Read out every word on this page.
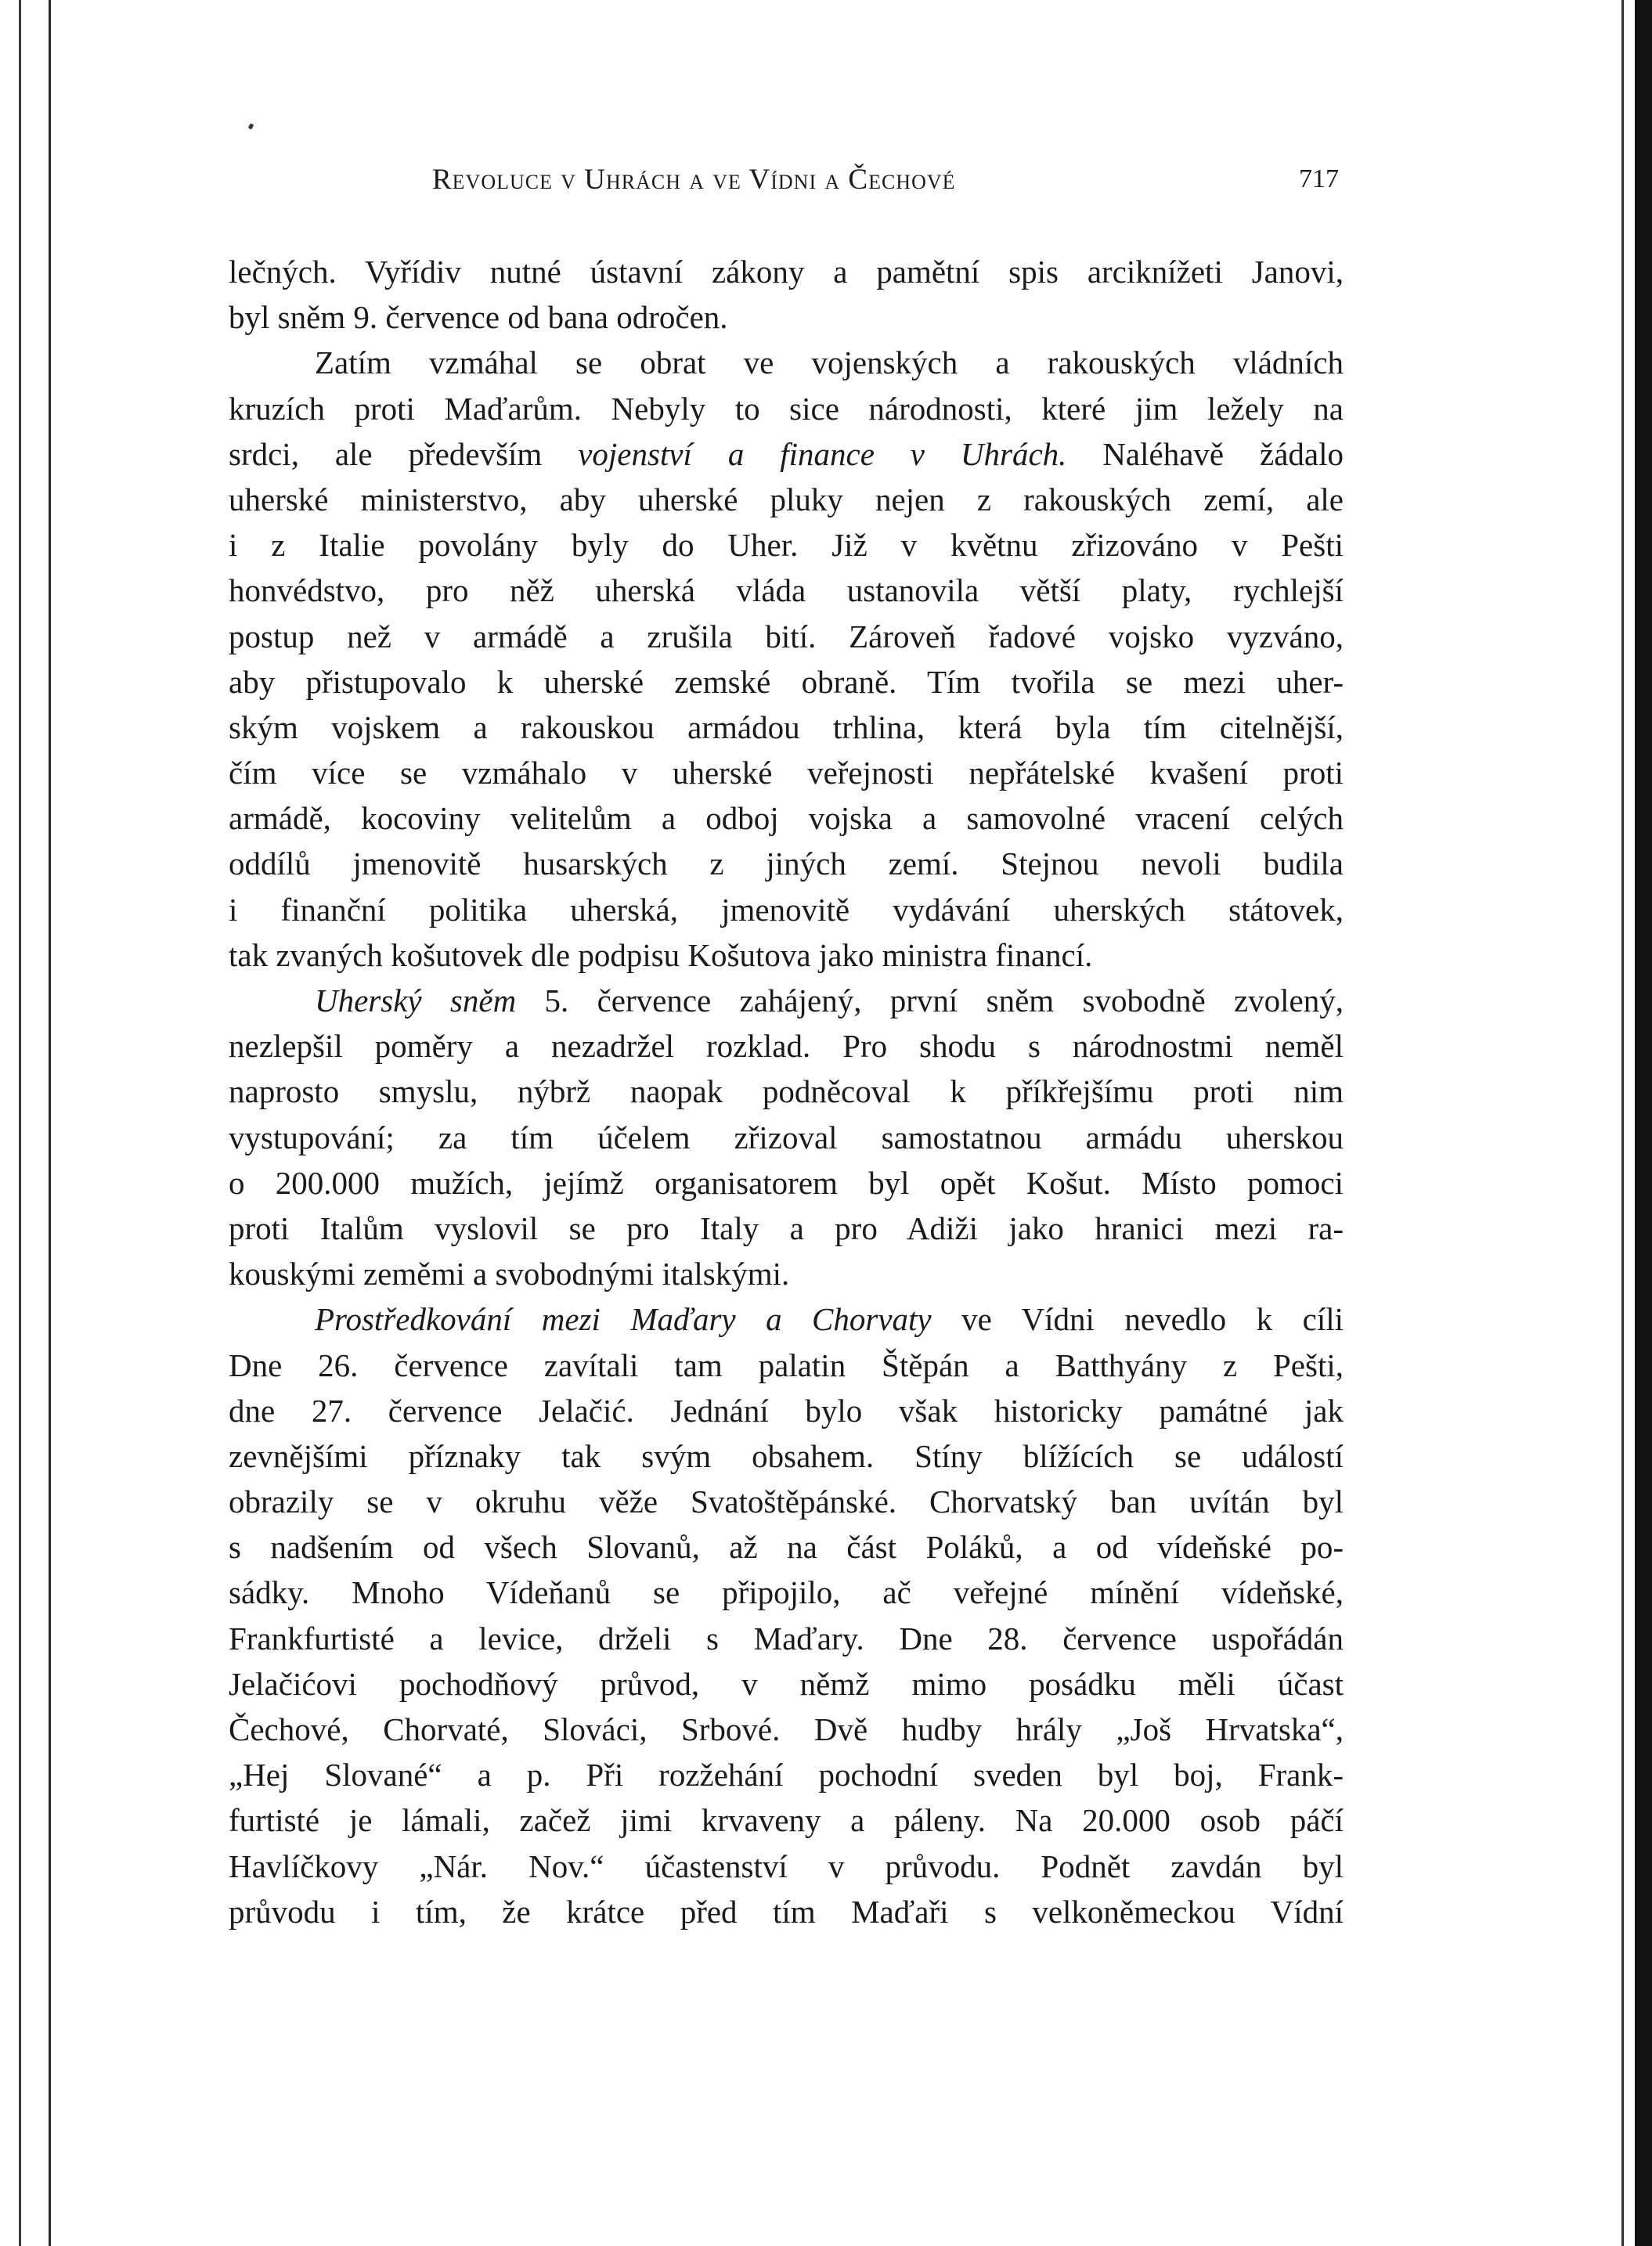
Revoluce v Uhrách a ve Vídni a Čechové	717
lečných. Vyřídiv nutné ústavní zákony a pamětní spis arciknížeti Janovi,
byl sněm 9. července od bana odročen.
Zatím vzmáhal se obrat ve vojenských a rakouských vládních
kruzích proti Maďarům. Nebyly to sice národnosti, které jim ležely na
srdci, ale především vojenství a finance v Uhrách. Naléhavě žádalo
uherské ministerstvo, aby uherské pluky nejen z rakouských zemí, ale
i z Italie povolány byly do Uher. Již v květnu zřizováno v Pešti
honvédstvo, pro něž uherská vláda ustanovila větší platy, rychlejší
postup než v armádě a zrušila bití. Zároveň řadové vojsko vyzváno,
aby přistupovalo k uherské zemské obraně. Tím tvořila se mezi uher-
ským vojskem a rakouskou armádou trhlina, která byla tím citelnější,
čím více se vzmáhalo v uherské veřejnosti nepřátelské kvašení proti
armádě, kocoviny velitelům a odboj vojska a samovolné vracení celých
oddílů jmenovitě husarských z jiných zemí. Stejnou nevoli budila
i finanční politika uherská, jmenovitě vydávání uherských státovek,
tak zvaných košutovek dle podpisu Košutova jako ministra financí.
Uherský sněm 5. července zahájený, první sněm svobodně zvolený,
nezlepšil poměry a nezadržel rozklad. Pro shodu s národnostmi neměl
naprosto smyslu, nýbrž naopak podněcoval k příkřejšímu proti nim
vystupování; za tím účelem zřizoval samostatnou armádu uherskou
o 200.000 mužích, jejímž organisatorem byl opět Košut. Místo pomoci
proti Italům vyslovil se pro Italy a pro Adiži jako hranici mezi ra-
kouskými zeměmi a svobodnými italskými.
Prostředkování mezi Maďary a Chorvaty ve Vídni nevedlo k cíli
Dne 26. července zavítali tam palatin Štěpán a Batthyány z Pešti,
dne 27. července Jelačić. Jednání bylo však historicky památné jak
zevnějšími příznaky tak svým obsahem. Stíny blížících se událostí
obrazily se v okruhu věže Svatoštěpánské. Chorvatský ban uvítán byl
s nadšením od všech Slovanů, až na část Poláků, a od vídeňské po-
sádky. Mnoho Vídeňanů se připojilo, ač veřejné mínění vídeňské,
Frankfurtisté a levice, drželi s Maďary. Dne 28. července uspořádán
Jelačićovi pochodňový průvod, v němž mimo posádku měli účast
Čechové, Chorvaté, Slováci, Srbové. Dvě hudby hrály „Još Hrvatska“,
„Hej Slované“ a p. Při rozžehání pochodní sveden byl boj, Frank-
furtisté je lámali, začež jimi krvaveny a páleny. Na 20.000 osob páčí
Havlíčkovy „Nár. Nov.“ účastenství v průvodu. Podnět zavdán byl
průvodu i tím, že krátce před tím Maďaři s velkoněmeckou Vídní
